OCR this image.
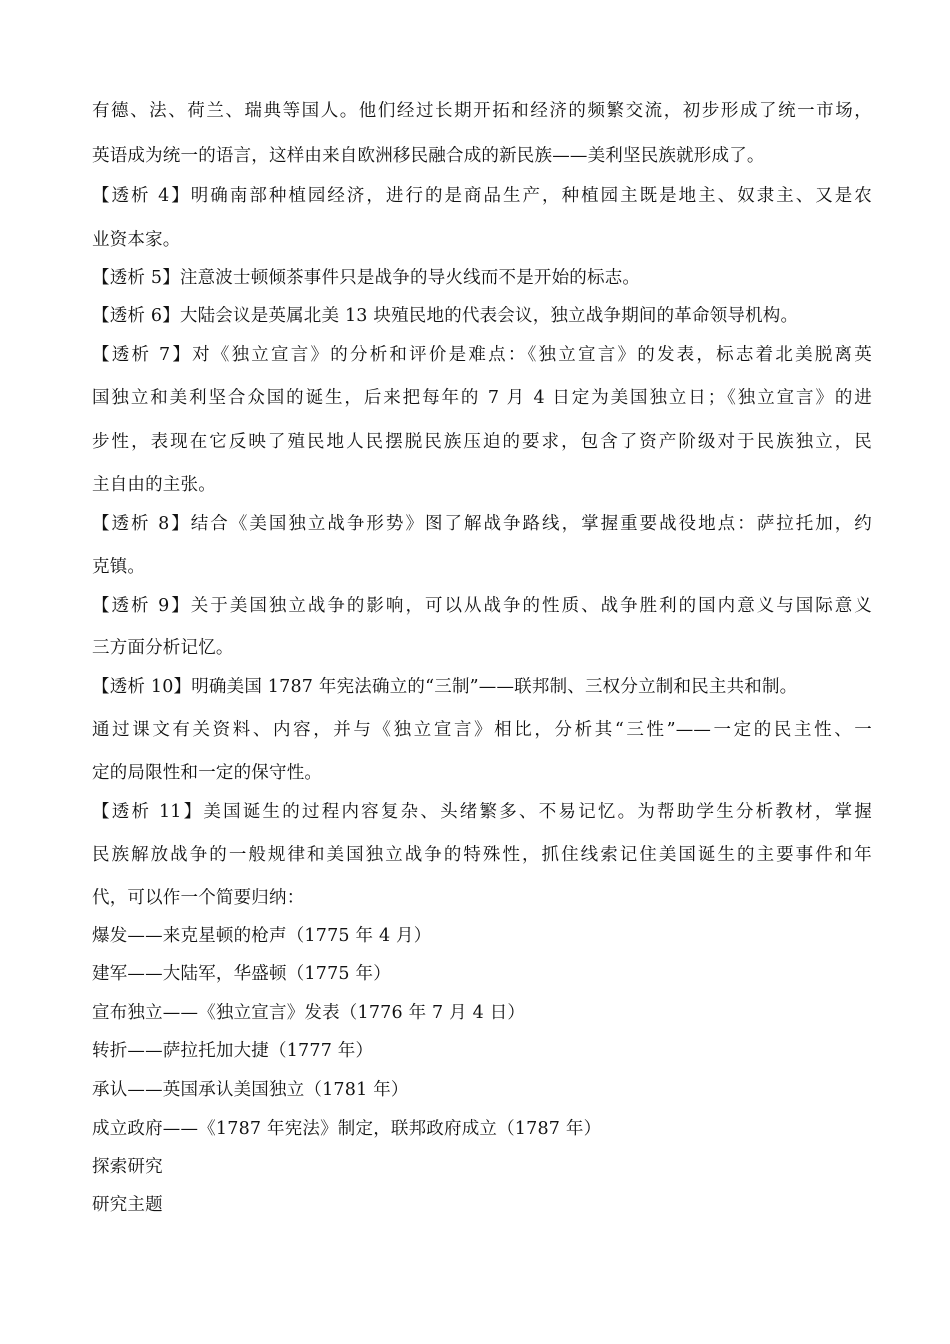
有德、法、荷兰、瑞典等国人。他们经过长期开拓和经济的频繁交流，初步形成了统一市场，
英语成为统一的语言，这样由来自欧洲移民融合成的新民族——美利坚民族就形成了。
【透析 4】明确南部种植园经济，进行的是商品生产，种植园主既是地主、奴隶主、又是农
业资本家。
【透析 5】注意波士顿倾茶事件只是战争的导火线而不是开始的标志。
【透析 6】大陆会议是英属北美 13 块殖民地的代表会议，独立战争期间的革命领导机构。
【透析 7】对《独立宣言》的分析和评价是难点：《独立宣言》的发表，标志着北美脱离英
国独立和美利坚合众国的诞生，后来把每年的 7 月 4 日定为美国独立日；《独立宣言》的进
步性，表现在它反映了殖民地人民摆脱民族压迫的要求，包含了资产阶级对于民族独立，民
主自由的主张。
【透析 8】结合《美国独立战争形势》图了解战争路线，掌握重要战役地点：萨拉托加，约
克镇。
【透析 9】关于美国独立战争的影响，可以从战争的性质、战争胜利的国内意义与国际意义
三方面分析记忆。
【透析 10】明确美国 1787 年宪法确立的“三制”——联邦制、三权分立制和民主共和制。
通过课文有关资料、内容，并与《独立宣言》相比，分析其“三性”——一定的民主性、一
定的局限性和一定的保守性。
【透析 11】美国诞生的过程内容复杂、头绪繁多、不易记忆。为帮助学生分析教材，掌握
民族解放战争的一般规律和美国独立战争的特殊性，抓住线索记住美国诞生的主要事件和年
代，可以作一个简要归纳：
爆发——来克星顿的枪声（1775 年 4 月）
建军——大陆军，华盛顿（1775 年）
宣布独立——《独立宣言》发表（1776 年 7 月 4 日）
转折——萨拉托加大捷（1777 年）
承认——英国承认美国独立（1781 年）
成立政府——《1787 年宪法》制定，联邦政府成立（1787 年）
探索研究
研究主题
